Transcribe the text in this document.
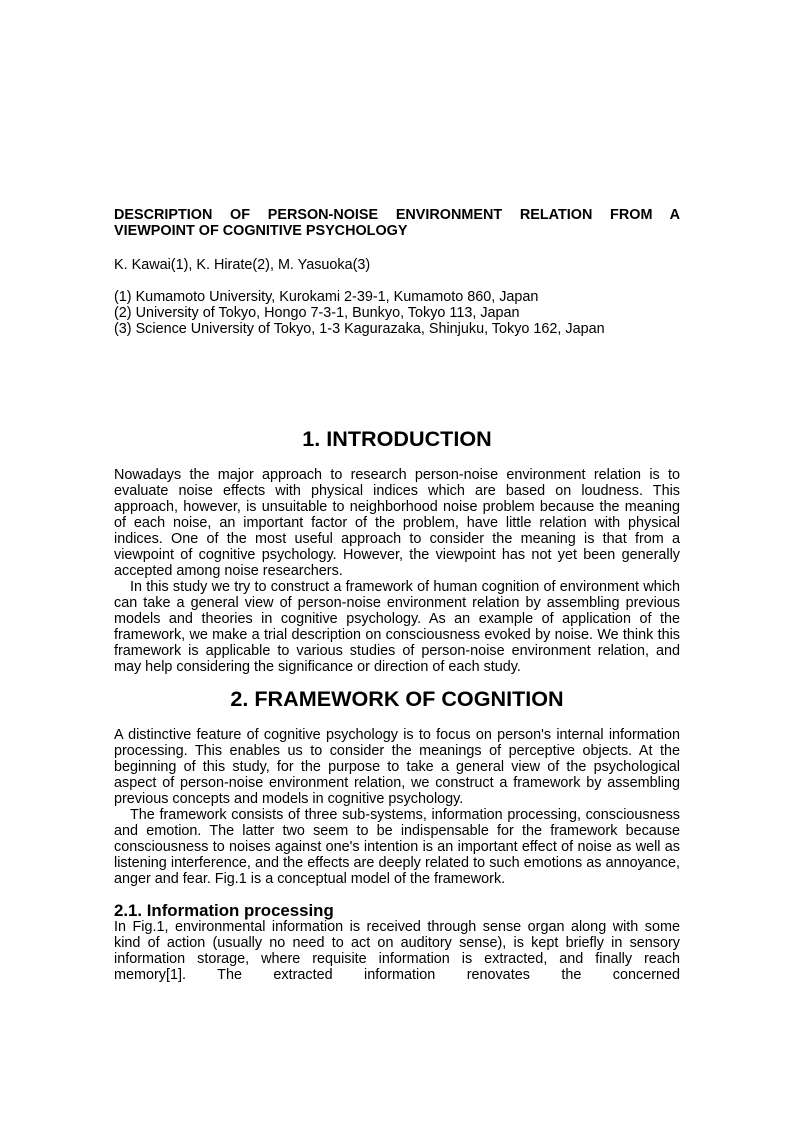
DESCRIPTION OF PERSON-NOISE ENVIRONMENT RELATION FROM A VIEWPOINT OF COGNITIVE PSYCHOLOGY
K. Kawai(1), K. Hirate(2), M. Yasuoka(3)
(1) Kumamoto University, Kurokami 2-39-1, Kumamoto 860, Japan
(2) University of Tokyo, Hongo 7-3-1, Bunkyo, Tokyo 113, Japan
(3) Science University of Tokyo, 1-3 Kagurazaka, Shinjuku, Tokyo 162, Japan
1. INTRODUCTION

Nowadays the major approach to research person-noise environment relation is to evaluate noise effects with physical indices which are based on loudness. This approach, however, is unsuitable to neighborhood noise problem because the meaning of each noise, an important factor of the problem, have little relation with physical indices. One of the most useful approach to consider the meaning is that from a viewpoint of cognitive psychology. However, the viewpoint has not yet been generally accepted among noise researchers.

In this study we try to construct a framework of human cognition of environment which can take a general view of person-noise environment relation by assembling previous models and theories in cognitive psychology. As an example of application of the framework, we make a trial description on consciousness evoked by noise. We think this framework is applicable to various studies of person-noise environment relation, and may help considering the significance or direction of each study.

2. FRAMEWORK OF COGNITION

A distinctive feature of cognitive psychology is to focus on person's internal information processing. This enables us to consider the meanings of perceptive objects. At the beginning of this study, for the purpose to take a general view of the psychological aspect of person-noise environment relation, we construct a framework by assembling previous concepts and models in cognitive psychology.

The framework consists of three sub-systems, information processing, consciousness and emotion. The latter two seem to be indispensable for the framework because consciousness to noises against one's intention is an important effect of noise as well as listening interference, and the effects are deeply related to such emotions as annoyance, anger and fear. Fig.1 is a conceptual model of the framework.

2.1. Information processing

In Fig.1, environmental information is received through sense organ along with some kind of action (usually no need to act on auditory sense), is kept briefly in sensory information storage, where requisite information is extracted, and finally reach memory[1]. The extracted information renovates the concerned
